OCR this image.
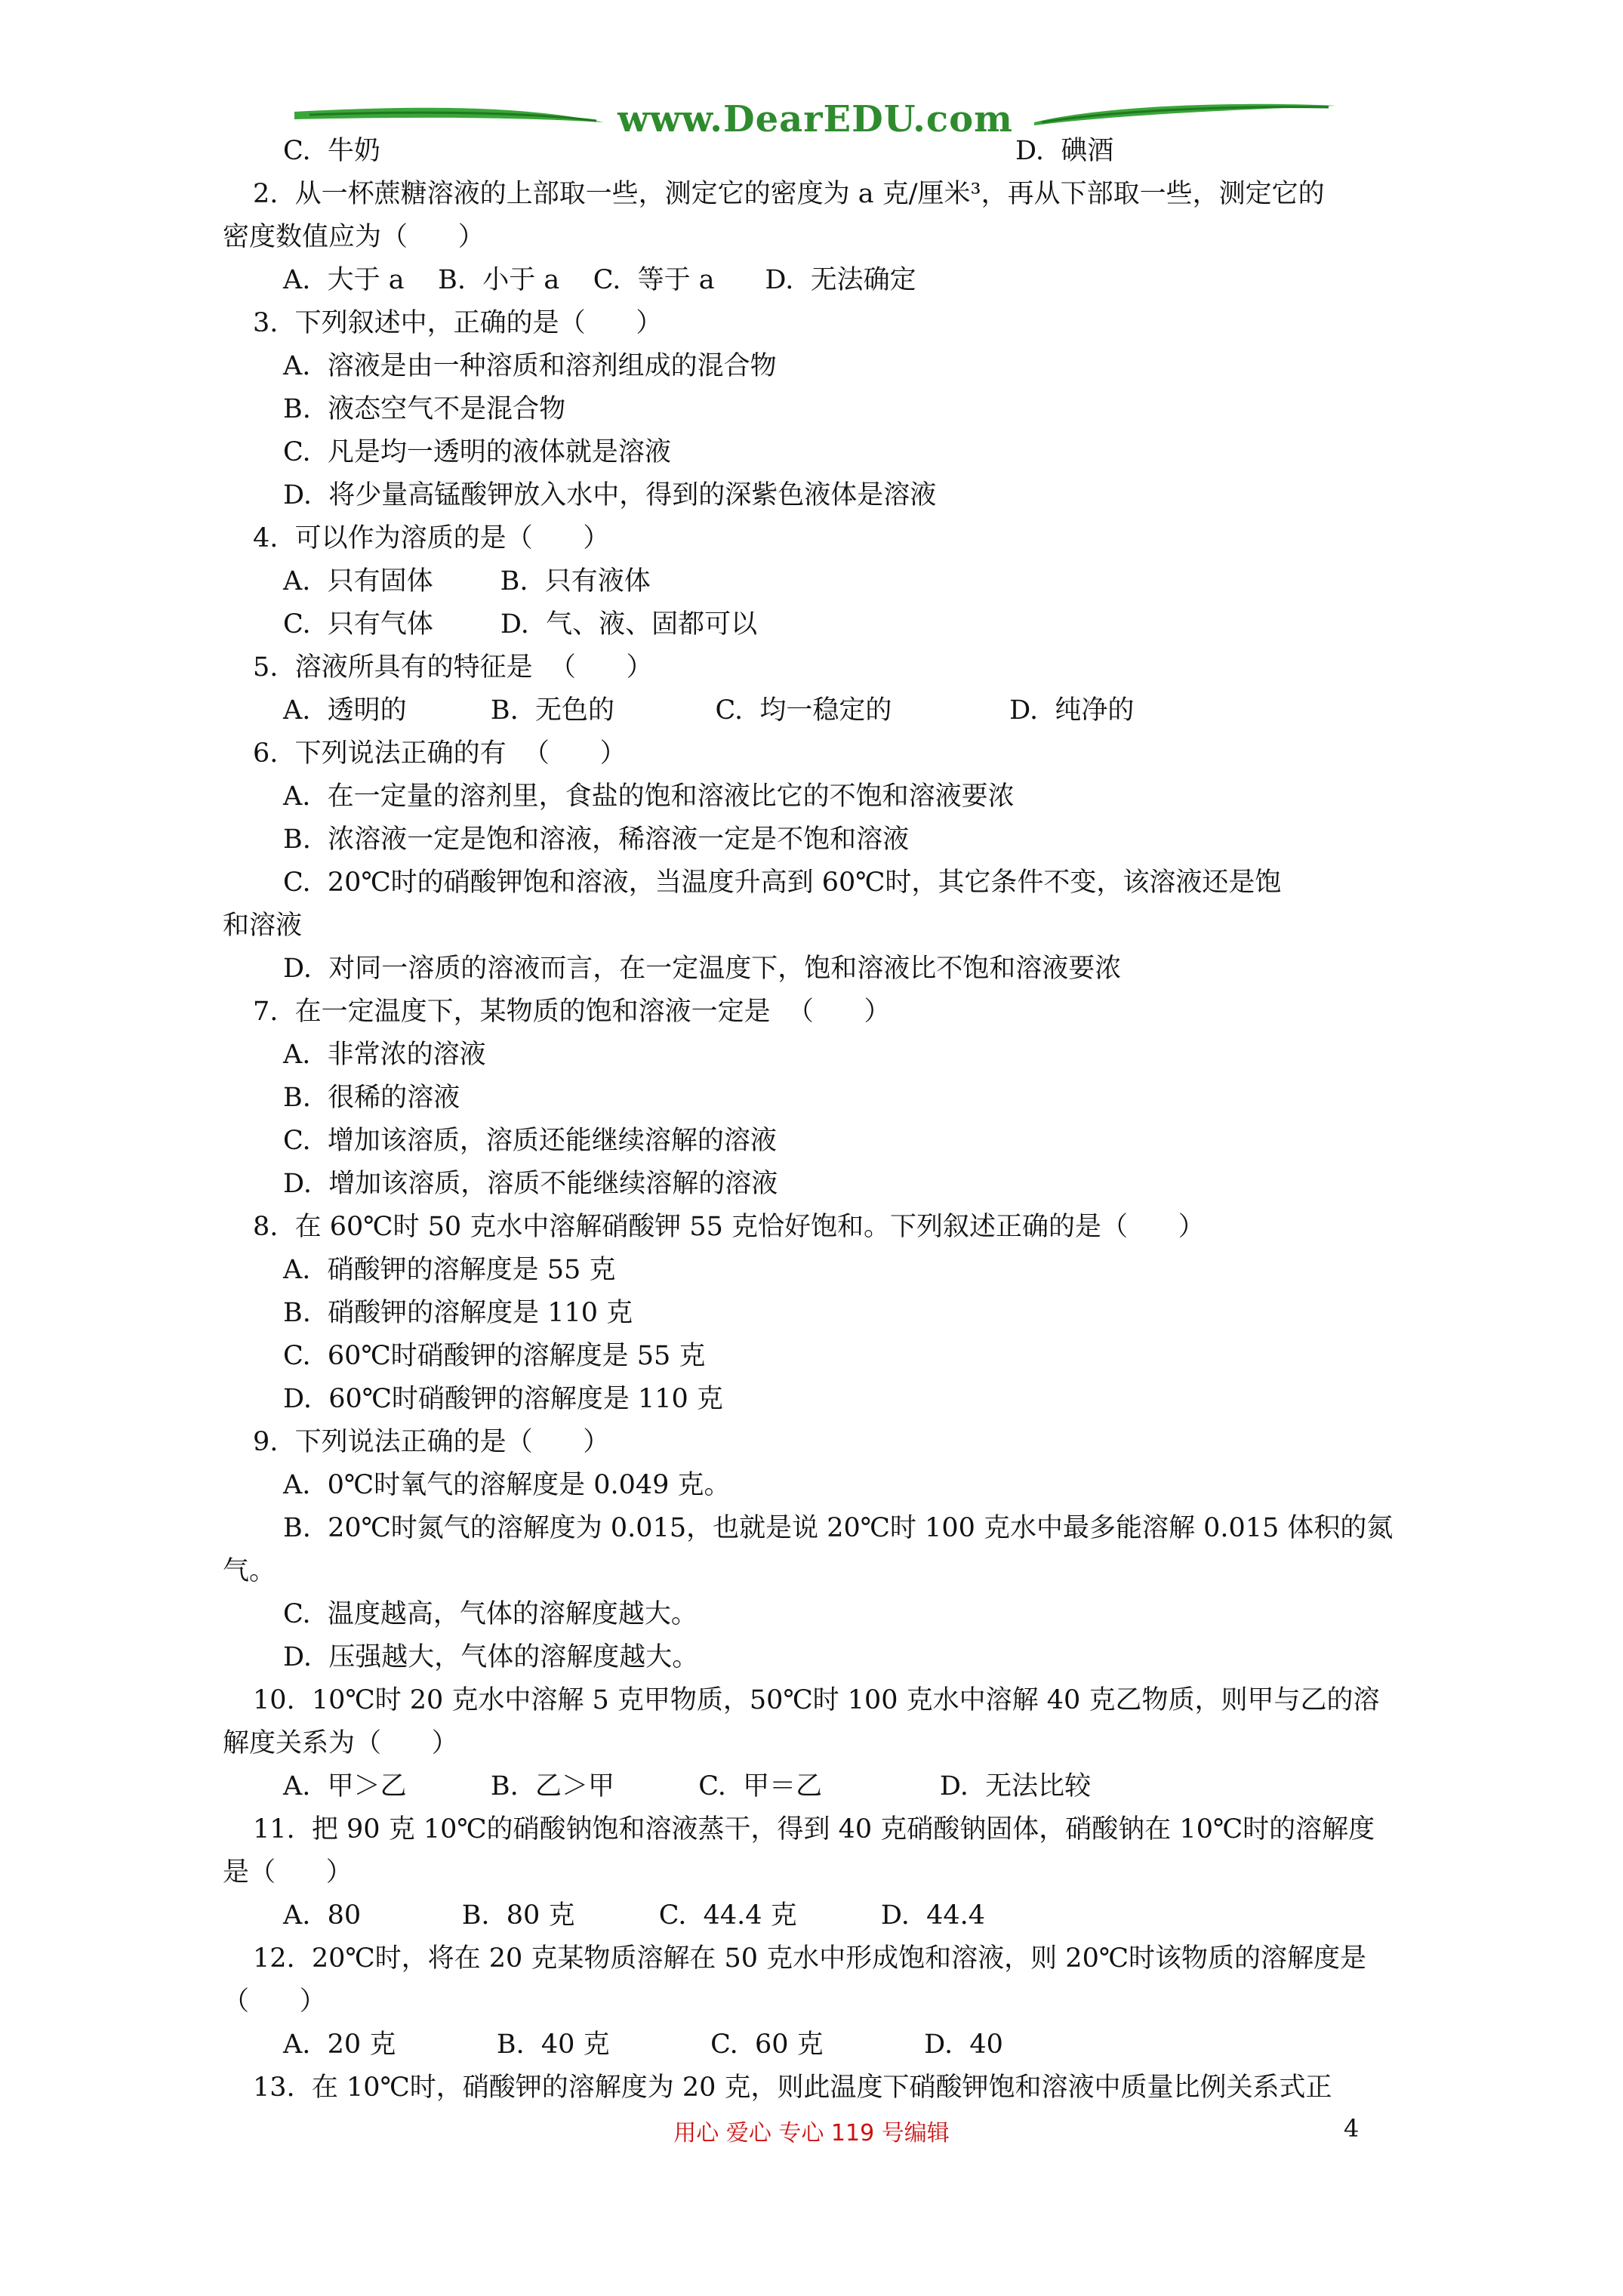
www.DearEDU.com
C.  牛奶	D.  碘酒
2.  从一杯蔗糖溶液的上部取一些，测定它的密度为 a 克/厘米³，再从下部取一些，测定它的
密度数值应为（      ）
A.  大于 a    B.  小于 a    C.  等于 a      D.  无法确定
3.  下列叙述中，正确的是（      ）
A.  溶液是由一种溶质和溶剂组成的混合物
B.  液态空气不是混合物
C.  凡是均一透明的液体就是溶液
D.  将少量高锰酸钾放入水中，得到的深紫色液体是溶液
4.  可以作为溶质的是（      ）
A.  只有固体        B.  只有液体
C.  只有气体        D.  气、液、固都可以
5.  溶液所具有的特征是  （      ）
A.  透明的          B.  无色的            C.  均一稳定的              D.  纯净的
6.  下列说法正确的有  （      ）
A.  在一定量的溶剂里，食盐的饱和溶液比它的不饱和溶液要浓
B.  浓溶液一定是饱和溶液，稀溶液一定是不饱和溶液
C.  20℃时的硝酸钾饱和溶液，当温度升高到 60℃时，其它条件不变，该溶液还是饱
和溶液
D.  对同一溶质的溶液而言，在一定温度下，饱和溶液比不饱和溶液要浓
7.  在一定温度下，某物质的饱和溶液一定是  （      ）
A.  非常浓的溶液
B.  很稀的溶液
C.  增加该溶质，溶质还能继续溶解的溶液
D.  增加该溶质，溶质不能继续溶解的溶液
8.  在 60℃时 50 克水中溶解硝酸钾 55 克恰好饱和。下列叙述正确的是（      ）
A.  硝酸钾的溶解度是 55 克
B.  硝酸钾的溶解度是 110 克
C.  60℃时硝酸钾的溶解度是 55 克
D.  60℃时硝酸钾的溶解度是 110 克
9.  下列说法正确的是（      ）
A.  0℃时氧气的溶解度是 0.049 克。
B.  20℃时氮气的溶解度为 0.015，也就是说 20℃时 100 克水中最多能溶解 0.015 体积的氮
气。
C.  温度越高，气体的溶解度越大。
D.  压强越大，气体的溶解度越大。
10.  10℃时 20 克水中溶解 5 克甲物质，50℃时 100 克水中溶解 40 克乙物质，则甲与乙的溶
解度关系为（      ）
A.  甲＞乙          B.  乙＞甲          C.  甲＝乙              D.  无法比较
11.  把 90 克 10℃的硝酸钠饱和溶液蒸干，得到 40 克硝酸钠固体，硝酸钠在 10℃时的溶解度
是（      ）
A.  80            B.  80 克          C.  44.4 克          D.  44.4
12.  20℃时，将在 20 克某物质溶解在 50 克水中形成饱和溶液，则 20℃时该物质的溶解度是
（      ）
A.  20 克            B.  40 克            C.  60 克            D.  40
13.  在 10℃时，硝酸钾的溶解度为 20 克，则此温度下硝酸钾饱和溶液中质量比例关系式正
用心 爱心 专心 119 号编辑	4
